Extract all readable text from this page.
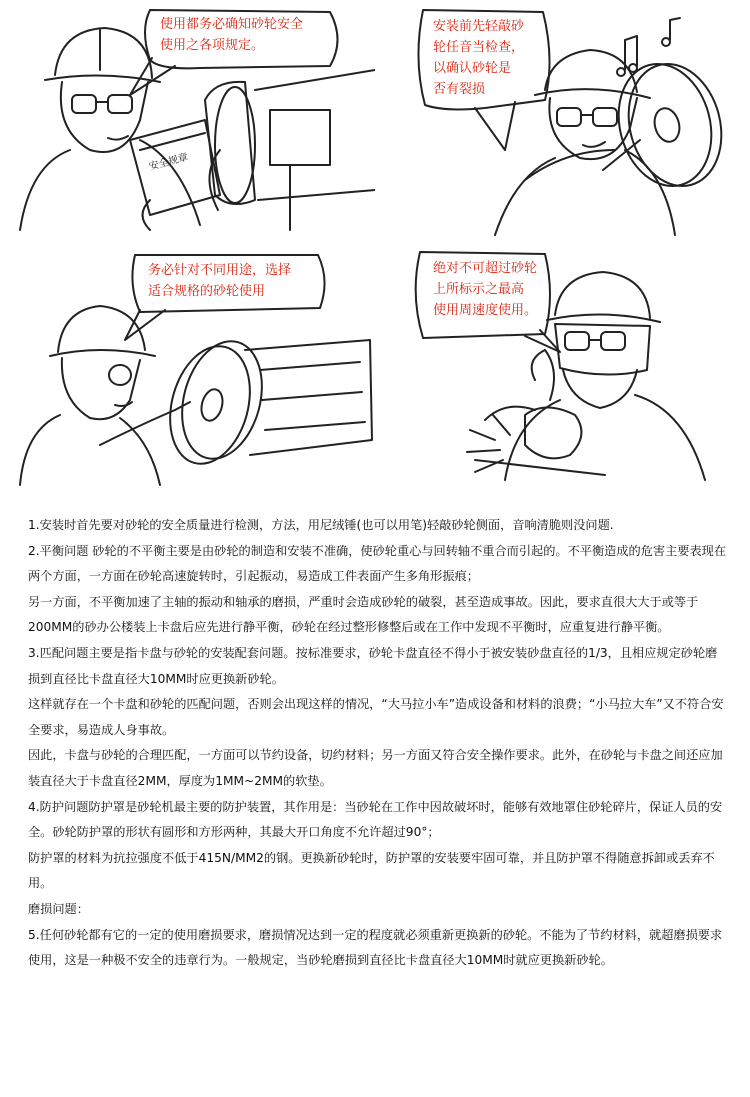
安全规章
使用都务必确知砂轮安全
使用之各项规定。
安装前先轻敲砂
轮任音当检查，
以确认砂轮是
否有裂损
务必针对不同用途，选择
适合规格的砂轮使用
绝对不可超过砂轮
上所标示之最高
使用周速度使用。

1.安装时首先要对砂轮的安全质量进行检测，方法，用尼绒锤(也可以用笔)轻敲砂轮侧面，音响清脆则没问题.

2.平衡问题 砂轮的不平衡主要是由砂轮的制造和安装不准确，使砂轮重心与回转轴不重合而引起的。不平衡造成的危害主要表现在两个方面，一方面在砂轮高速旋转时，引起振动，易造成工件表面产生多角形振痕；

另一方面，不平衡加速了主轴的振动和轴承的磨损，严重时会造成砂轮的破裂，甚至造成事故。因此，要求直很大大于或等于200MM的砂办公楼装上卡盘后应先进行静平衡，砂轮在经过整形修整后或在工作中发现不平衡时，应重复进行静平衡。

3.匹配问题主要是指卡盘与砂轮的安装配套问题。按标准要求，砂轮卡盘直径不得小于被安装砂盘直径的1/3，且相应规定砂轮磨损到直径比卡盘直径大10MM时应更换新砂轮。

这样就存在一个卡盘和砂轮的匹配问题，否则会出现这样的情况，“大马拉小车”造成设备和材料的浪费；“小马拉大车”又不符合安全要求，易造成人身事故。

因此，卡盘与砂轮的合理匹配，一方面可以节约设备，切约材料；另一方面又符合安全操作要求。此外，在砂轮与卡盘之间还应加装直径大于卡盘直径2MM，厚度为1MM~2MM的软垫。

4.防护问题防护罩是砂轮机最主要的防护装置，其作用是：当砂轮在工作中因故破坏时，能够有效地罩住砂轮碎片，保证人员的安全。砂轮防护罩的形状有圆形和方形两种，其最大开口角度不允许超过90°；

防护罩的材料为抗拉强度不低于415N/MM2的钢。更换新砂轮时，防护罩的安装要牢固可靠，并且防护罩不得随意拆卸或丢弃不用。

磨损问题：

5.任何砂轮都有它的一定的使用磨损要求，磨损情况达到一定的程度就必须重新更换新的砂轮。不能为了节约材料，就超磨损要求使用，这是一种极不安全的违章行为。一般规定，当砂轮磨损到直径比卡盘直径大10MM时就应更换新砂轮。
